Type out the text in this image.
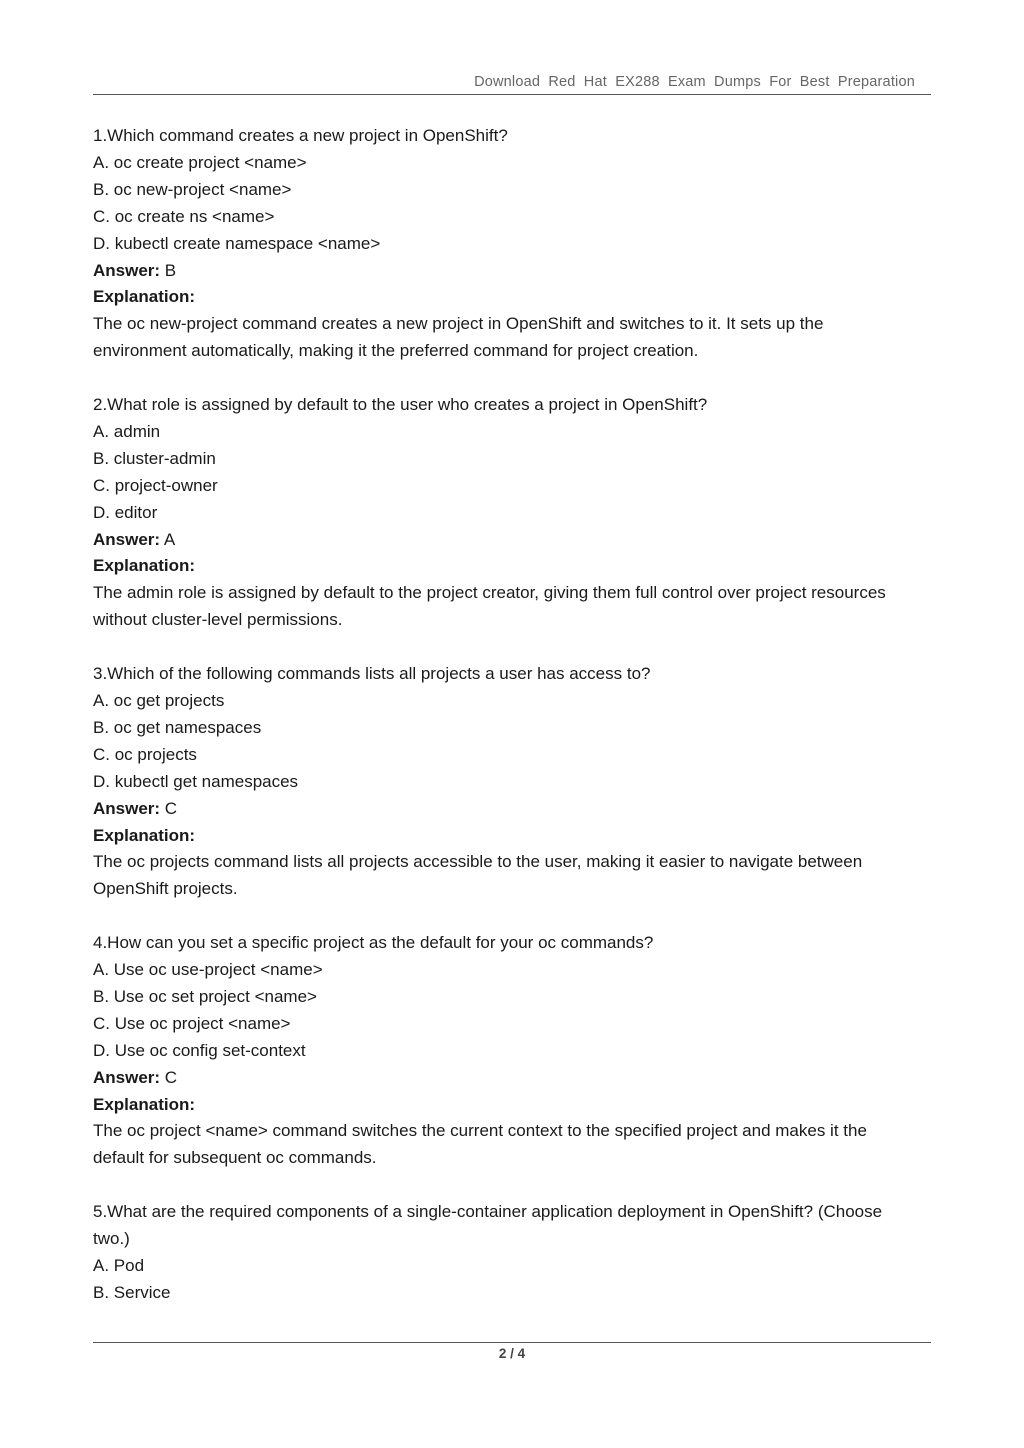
Download Red Hat EX288 Exam Dumps For Best Preparation
1.Which command creates a new project in OpenShift?
A. oc create project <name>
B. oc new-project <name>
C. oc create ns <name>
D. kubectl create namespace <name>
Answer: B
Explanation:
The oc new-project command creates a new project in OpenShift and switches to it. It sets up the
environment automatically, making it the preferred command for project creation.
2.What role is assigned by default to the user who creates a project in OpenShift?
A. admin
B. cluster-admin
C. project-owner
D. editor
Answer: A
Explanation:
The admin role is assigned by default to the project creator, giving them full control over project resources
without cluster-level permissions.
3.Which of the following commands lists all projects a user has access to?
A. oc get projects
B. oc get namespaces
C. oc projects
D. kubectl get namespaces
Answer: C
Explanation:
The oc projects command lists all projects accessible to the user, making it easier to navigate between
OpenShift projects.
4.How can you set a specific project as the default for your oc commands?
A. Use oc use-project <name>
B. Use oc set project <name>
C. Use oc project <name>
D. Use oc config set-context
Answer: C
Explanation:
The oc project <name> command switches the current context to the specified project and makes it the
default for subsequent oc commands.
5.What are the required components of a single-container application deployment in OpenShift? (Choose
two.)
A. Pod
B. Service
2 / 4
